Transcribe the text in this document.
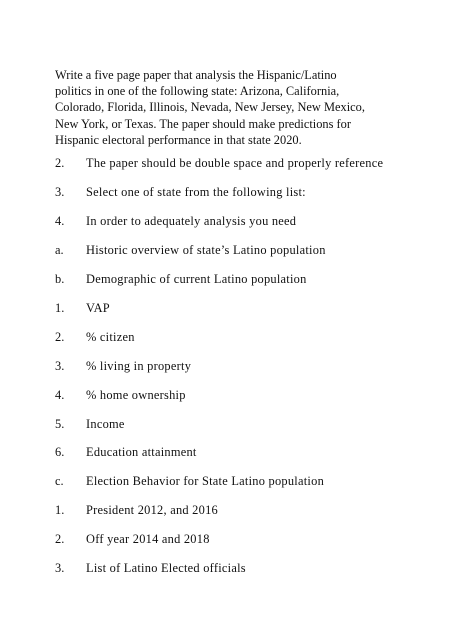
Write a five page paper that analysis the Hispanic/Latino
politics in one of the following state: Arizona, California,
Colorado, Florida, Illinois, Nevada, New Jersey, New Mexico,
New York, or Texas. The paper should make predictions for
Hispanic electoral performance in that state 2020.
2. The paper should be double space and properly reference
3. Select one of state from the following list:
4. In order to adequately analysis you need
a. Historic overview of state’s Latino population
b. Demographic of current Latino population
1. VAP
2. % citizen
3. % living in property
4. % home ownership
5. Income
6. Education attainment
c. Election Behavior for State Latino population
1. President 2012, and 2016
2. Off year 2014 and 2018
3. List of Latino Elected officials
